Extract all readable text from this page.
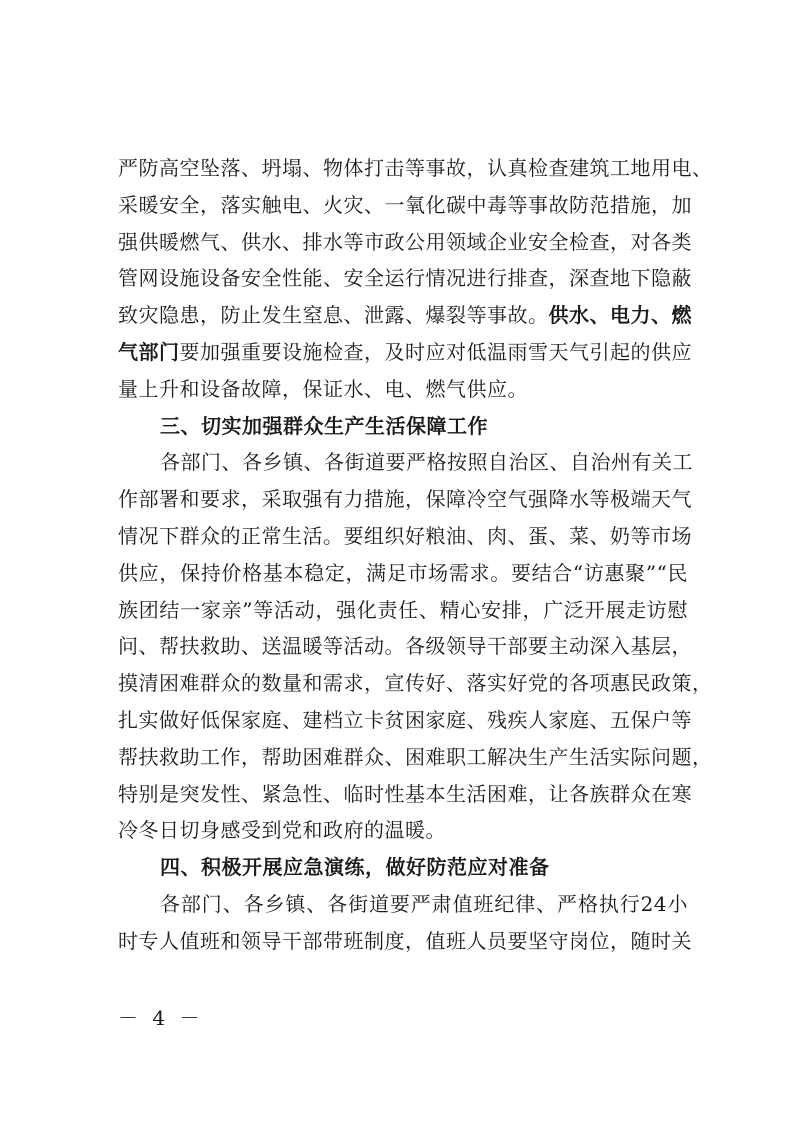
严防高空坠落、坍塌、物体打击等事故，认真检查建筑工地用电、
采暖安全，落实触电、火灾、一氧化碳中毒等事故防范措施，加
强供暖燃气、供水、排水等市政公用领域企业安全检查，对各类
管网设施设备安全性能、安全运行情况进行排查，深查地下隐蔽
致灾隐患，防止发生窒息、泄露、爆裂等事故。供水、电力、燃
气部门要加强重要设施检查，及时应对低温雨雪天气引起的供应
量上升和设备故障，保证水、电、燃气供应。
三、切实加强群众生产生活保障工作
各部门、各乡镇、各街道要严格按照自治区、自治州有关工
作部署和要求，采取强有力措施，保障冷空气强降水等极端天气
情况下群众的正常生活。要组织好粮油、肉、蛋、菜、奶等市场
供应，保持价格基本稳定，满足市场需求。要结合“访惠聚”“民
族团结一家亲”等活动，强化责任、精心安排，广泛开展走访慰
问、帮扶救助、送温暖等活动。各级领导干部要主动深入基层，
摸清困难群众的数量和需求，宣传好、落实好党的各项惠民政策，
扎实做好低保家庭、建档立卡贫困家庭、残疾人家庭、五保户等
帮扶救助工作，帮助困难群众、困难职工解决生产生活实际问题，
特别是突发性、紧急性、临时性基本生活困难，让各族群众在寒
冷冬日切身感受到党和政府的温暖。
四、积极开展应急演练，做好防范应对准备
各部门、各乡镇、各街道要严肃值班纪律、严格执行24小
时专人值班和领导干部带班制度，值班人员要坚守岗位，随时关
－ 4 －
